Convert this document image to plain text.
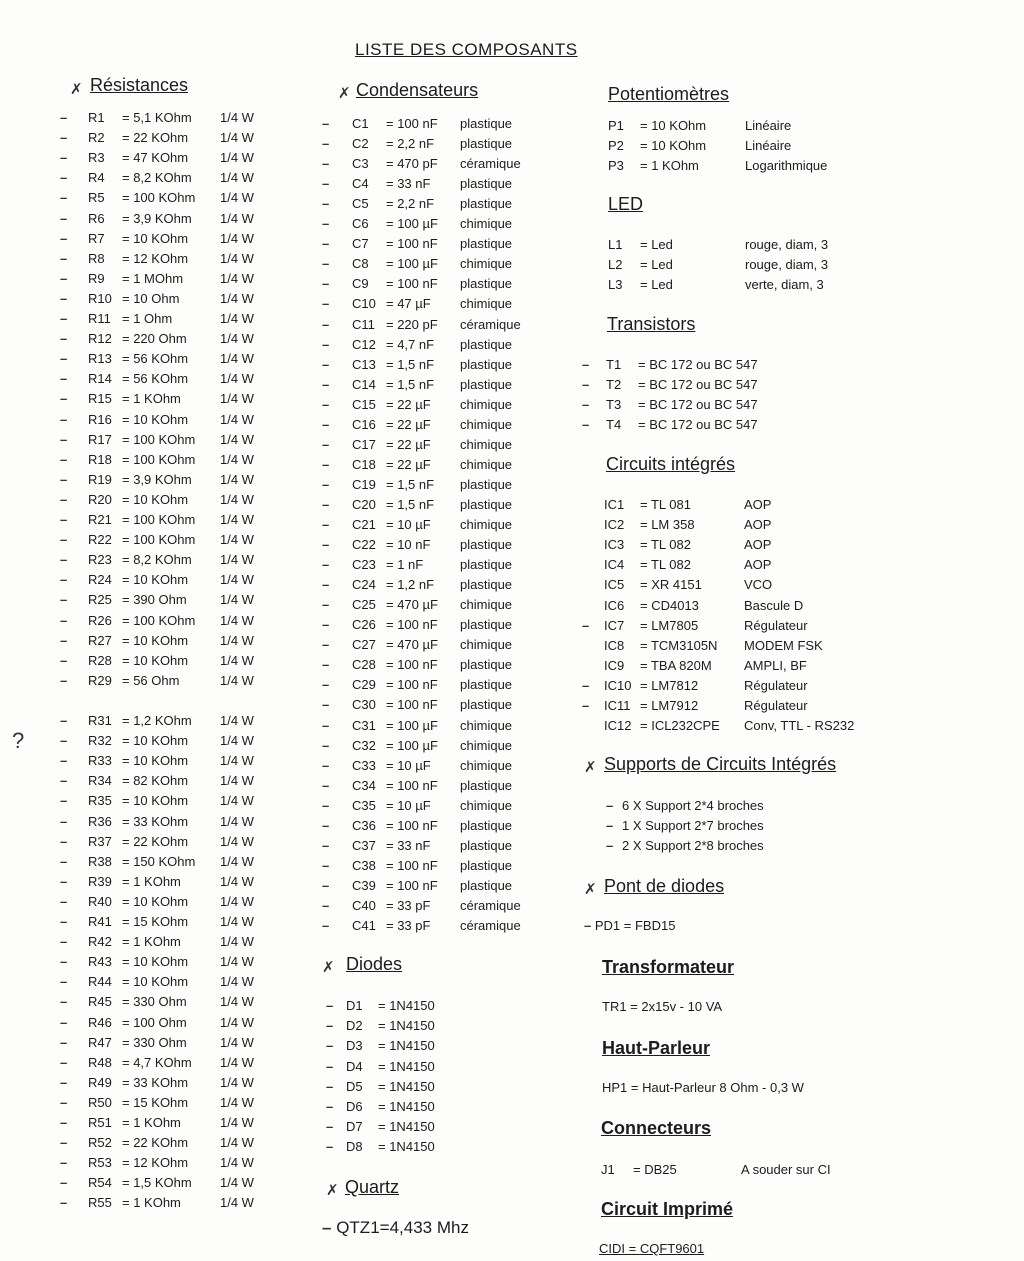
LISTE DES COMPOSANTS
✗ Résistances
– R1 = 5,1 KOhm 1/4 W
– R2 = 22 KOhm 1/4 W
– R3 = 47 KOhm 1/4 W
– R4 = 8,2 KOhm 1/4 W
– R5 = 100 KOhm 1/4 W
– R6 = 3,9 KOhm 1/4 W
– R7 = 10 KOhm 1/4 W
– R8 = 12 KOhm 1/4 W
– R9 = 1 MOhm	1/4 W
– R10 = 10 Ohm	1/4 W
– R11 = 1 Ohm	1/4 W
– R12 = 220 Ohm	1/4 W
– R13 = 56 KOhm 1/4 W
– R14 = 56 KOhm 1/4 W
– R15 = 1 KOhm	1/4 W
– R16 = 10 KOhm 1/4 W
– R17 = 100 KOhm 1/4 W
– R18 = 100 KOhm 1/4 W
– R19 = 3,9 KOhm 1/4 W
– R20 = 10 KOhm 1/4 W
– R21 = 100 KOhm 1/4 W
– R22 = 100 KOhm 1/4 W
– R23 = 8,2 KOhm 1/4 W
– R24 = 10 KOhm 1/4 W
– R25 = 390 Ohm	1/4 W
– R26 = 100 KOhm 1/4 W
– R27 = 10 KOhm 1/4 W
– R28 = 10 KOhm 1/4 W
– R29 = 56 Ohm	1/4 W
– R31 = 1,2 KOhm 1/4 W
– R32 = 10 KOhm 1/4 W
– R33 = 10 KOhm 1/4 W
– R34 = 82 KOhm 1/4 W
– R35 = 10 KOhm 1/4 W
– R36 = 33 KOhm 1/4 W
– R37 = 22 KOhm 1/4 W
– R38 = 150 KOhm 1/4 W
– R39 = 1 KOhm	1/4 W
– R40 = 10 KOhm 1/4 W
– R41 = 15 KOhm 1/4 W
– R42 = 1 KOhm	1/4 W
– R43 = 10 KOhm 1/4 W
– R44 = 10 KOhm 1/4 W
– R45 = 330 Ohm	1/4 W
– R46 = 100 Ohm	1/4 W
– R47 = 330 Ohm	1/4 W
– R48 = 4,7 KOhm 1/4 W
– R49 = 33 KOhm 1/4 W
– R50 = 15 KOhm 1/4 W
– R51 = 1 KOhm	1/4 W
– R52 = 22 KOhm 1/4 W
– R53 = 12 KOhm 1/4 W
– R54 = 1,5 KOhm 1/4 W
– R55 = 1 KOhm	1/4 W
?
✗ Condensateurs
– C1 = 100 nF plastique
– C2 = 2,2 nF plastique
– C3 = 470 pF céramique
– C4 = 33 nF plastique
– C5 = 2,2 nF plastique
– C6 = 100 µF chimique
– C7 = 100 nF plastique
– C8 = 100 µF chimique
– C9 = 100 nF plastique
– C10 = 47 µF chimique
– C11 = 220 pF céramique
– C12 = 4,7 nF plastique
– C13 = 1,5 nF plastique
– C14 = 1,5 nF plastique
– C15 = 22 µF chimique
– C16 = 22 µF chimique
– C17 = 22 µF chimique
– C18 = 22 µF chimique
– C19 = 1,5 nF plastique
– C20 = 1,5 nF plastique
– C21 = 10 µF chimique
– C22 = 10 nF plastique
– C23 = 1 nF	plastique
– C24 = 1,2 nF plastique
– C25 = 470 µF chimique
– C26 = 100 nF plastique
– C27 = 470 µF chimique
– C28 = 100 nF plastique
– C29 = 100 nF plastique
– C30 = 100 nF plastique
– C31 = 100 µF chimique
– C32 = 100 µF chimique
– C33 = 10 µF chimique
– C34 = 100 nF plastique
– C35 = 10 µF chimique
– C36 = 100 nF plastique
– C37 = 33 nF plastique
– C38 = 100 nF plastique
– C39 = 100 nF plastique
– C40 = 33 pF céramique
– C41 = 33 pF céramique
✗ Diodes
– D1 = 1N4150
– D2 = 1N4150
– D3 = 1N4150
– D4 = 1N4150
– D5 = 1N4150
– D6 = 1N4150
– D7 = 1N4150
– D8 = 1N4150
✗ Quartz
– QTZ1=4,433 Mhz
Potentiomètres
P1 = 10 KOhm	Linéaire
P2 = 10 KOhm	Linéaire
P3 = 1 KOhm	Logarithmique
LED
L1 = Led	rouge, diam, 3
L2 = Led	rouge, diam, 3
L3 = Led	verte, diam, 3
Transistors
– T1 = BC 172 ou BC 547
– T2 = BC 172 ou BC 547
– T3 = BC 172 ou BC 547
– T4 = BC 172 ou BC 547
Circuits intégrés
IC1 = TL 081	AOP
IC2 = LM 358	AOP
IC3 = TL 082	AOP
IC4 = TL 082	AOP
IC5 = XR 4151	VCO
IC6 = CD4013	Bascule D
IC7 = LM7805	Régulateur
–
IC8 = TCM3105N MODEM FSK
IC9 = TBA 820M AMPLI, BF
IC10 = LM7812	Régulateur
–
IC11 = LM7912	Régulateur
–
IC12 = ICL232CPE Conv, TTL - RS232
✗ Supports de Circuits Intégrés
– 6 X Support 2*4 broches
– 1 X Support 2*7 broches
– 2 X Support 2*8 broches
✗ Pont de diodes
– PD1 = FBD15
Transformateur
TR1 = 2x15v - 10 VA
Haut-Parleur
HP1 = Haut-Parleur 8 Ohm - 0,3 W
Connecteurs
J1 = DB25	A souder sur CI
Circuit Imprimé
CIDI = CQFT9601
